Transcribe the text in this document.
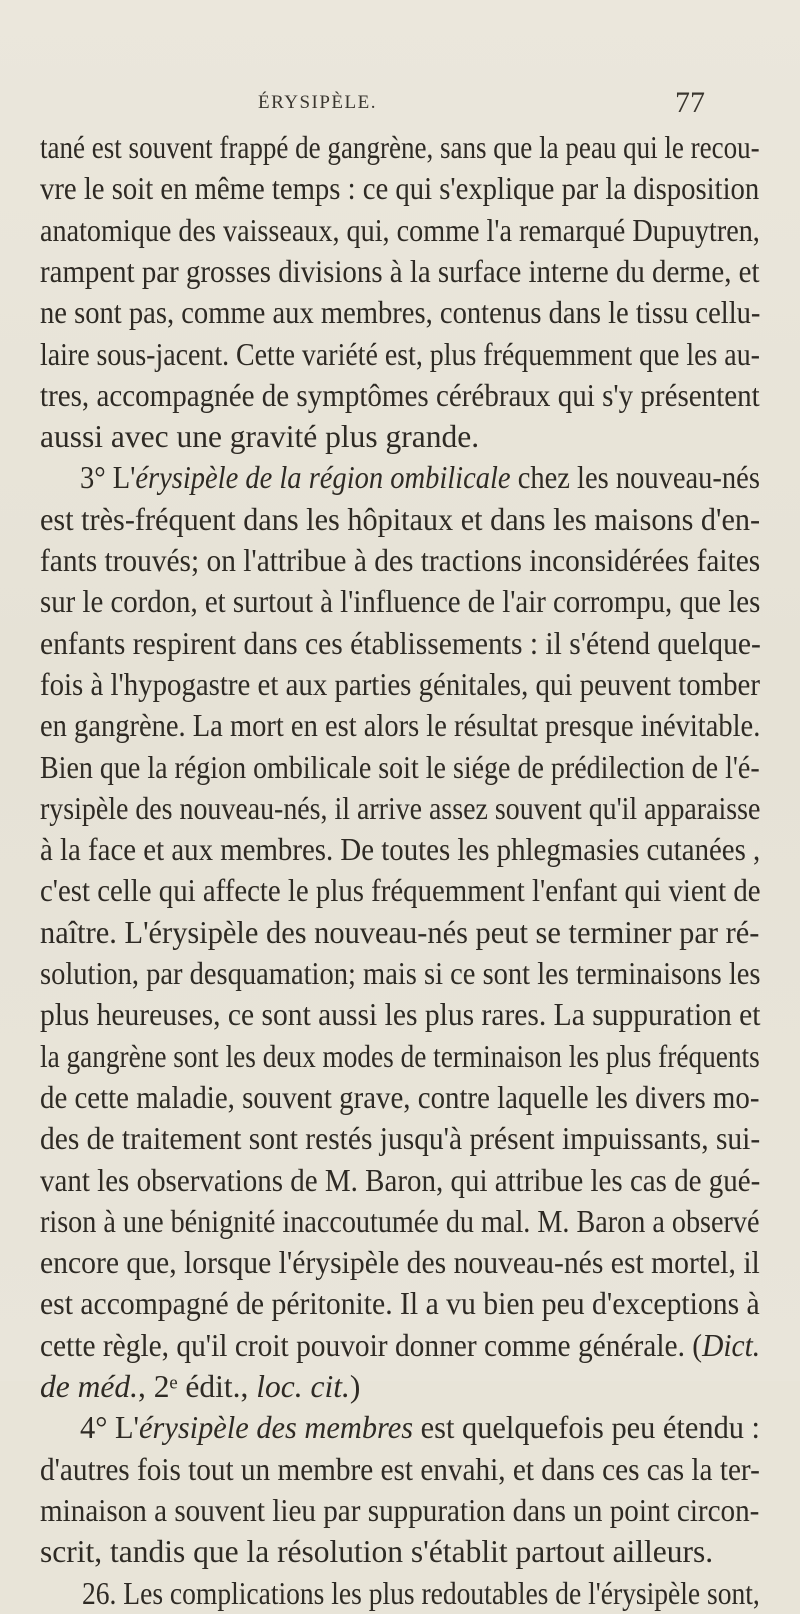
ÉRYSIPÈLE.	77
tané est souvent frappé de gangrène, sans que la peau qui le recou-
vre le soit en même temps : ce qui s'explique par la disposition
anatomique des vaisseaux, qui, comme l'a remarqué Dupuytren,
rampent par grosses divisions à la surface interne du derme, et
ne sont pas, comme aux membres, contenus dans le tissu cellu-
laire sous-jacent. Cette variété est, plus fréquemment que les au-
tres, accompagnée de symptômes cérébraux qui s'y présentent
aussi avec une gravité plus grande.
3° L'érysipèle de la région ombilicale chez les nouveau-nés
est très-fréquent dans les hôpitaux et dans les maisons d'en-
fants trouvés; on l'attribue à des tractions inconsidérées faites
sur le cordon, et surtout à l'influence de l'air corrompu, que les
enfants respirent dans ces établissements : il s'étend quelque-
fois à l'hypogastre et aux parties génitales, qui peuvent tomber
en gangrène. La mort en est alors le résultat presque inévitable.
Bien que la région ombilicale soit le siége de prédilection de l'é-
rysipèle des nouveau-nés, il arrive assez souvent qu'il apparaisse
à la face et aux membres. De toutes les phlegmasies cutanées ,
c'est celle qui affecte le plus fréquemment l'enfant qui vient de
naître. L'érysipèle des nouveau-nés peut se terminer par ré-
solution, par desquamation; mais si ce sont les terminaisons les
plus heureuses, ce sont aussi les plus rares. La suppuration et
la gangrène sont les deux modes de terminaison les plus fréquents
de cette maladie, souvent grave, contre laquelle les divers mo-
des de traitement sont restés jusqu'à présent impuissants, sui-
vant les observations de M. Baron, qui attribue les cas de gué-
rison à une bénignité inaccoutumée du mal. M. Baron a observé
encore que, lorsque l'érysipèle des nouveau-nés est mortel, il
est accompagné de péritonite. Il a vu bien peu d'exceptions à
cette règle, qu'il croit pouvoir donner comme générale. (Dict.
de méd., 2ᵉ édit., loc. cit.)
4° L'érysipèle des membres est quelquefois peu étendu :
d'autres fois tout un membre est envahi, et dans ces cas la ter-
minaison a souvent lieu par suppuration dans un point circon-
scrit, tandis que la résolution s'établit partout ailleurs.
26. Les complications les plus redoutables de l'érysipèle sont,
